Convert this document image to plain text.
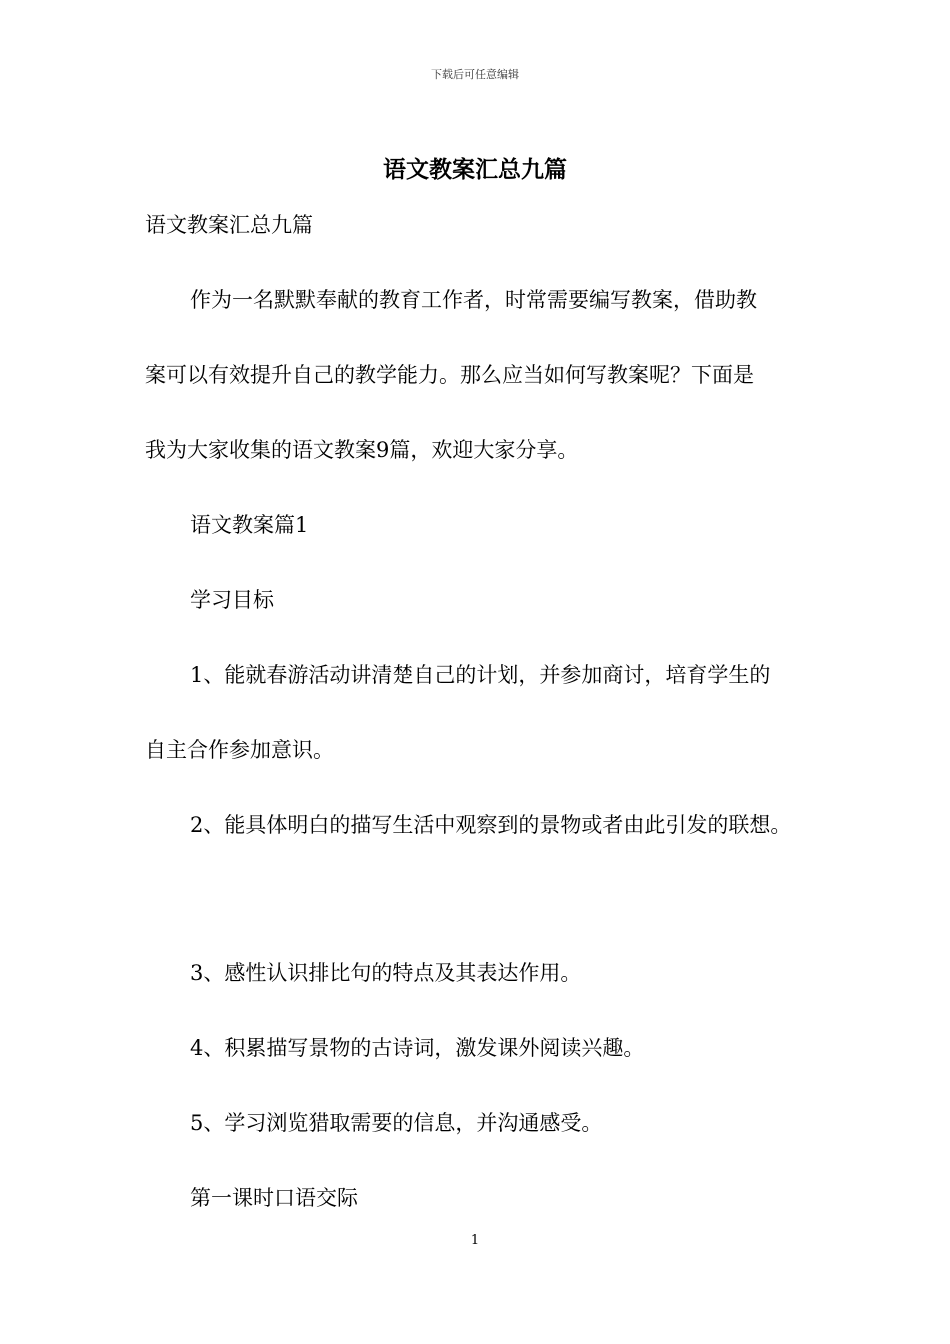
下载后可任意编辑
语文教案汇总九篇

语文教案汇总九篇

作为一名默默奉献的教育工作者，时常需要编写教案，借助教

案可以有效提升自己的教学能力。那么应当如何写教案呢？下面是

我为大家收集的语文教案9篇，欢迎大家分享。

语文教案篇1

学习目标

1、能就春游活动讲清楚自己的计划，并参加商讨，培育学生的

自主合作参加意识。

2、能具体明白的描写生活中观察到的景物或者由此引发的联想。

3、感性认识排比句的特点及其表达作用。

4、积累描写景物的古诗词，激发课外阅读兴趣。

5、学习浏览猎取需要的信息，并沟通感受。

第一课时口语交际

1
